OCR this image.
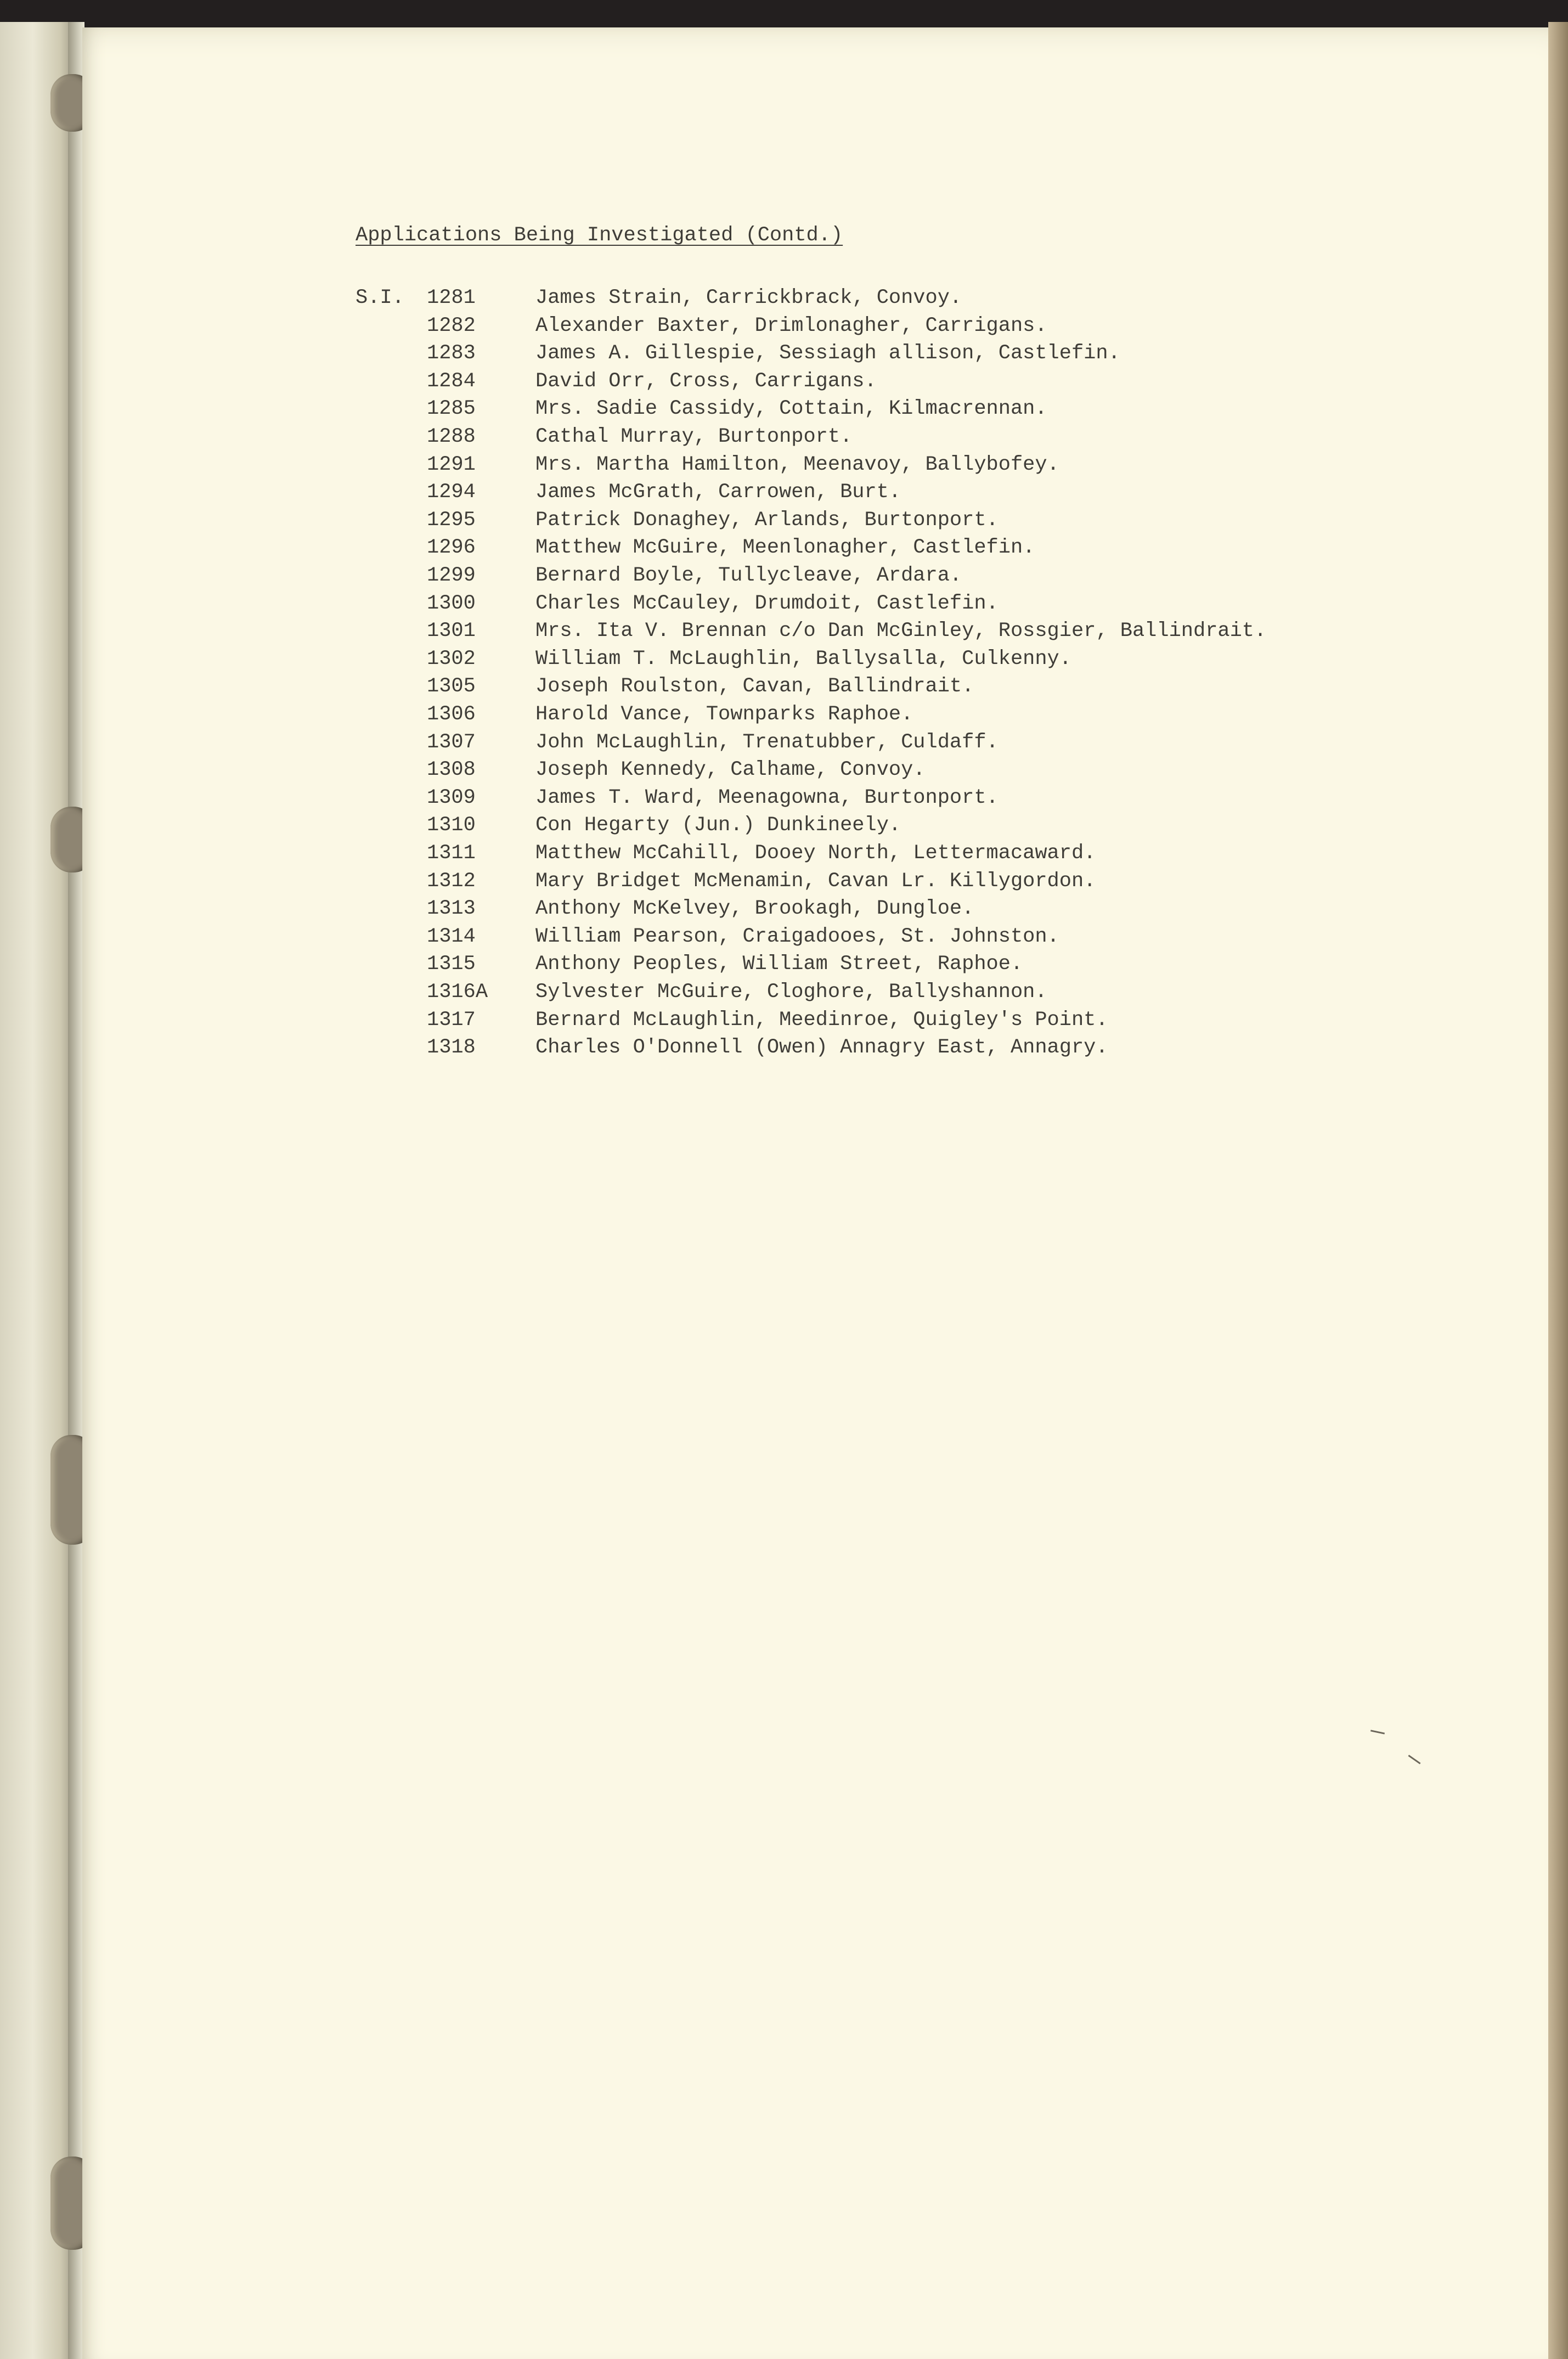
Applications Being Investigated (Contd.)
S.I. 1281	James Strain, Carrickbrack, Convoy.
1282	Alexander Baxter, Drimlonagher, Carrigans.
1283	James A. Gillespie, Sessiagh allison, Castlefin.
1284	David Orr, Cross, Carrigans.
1285	Mrs. Sadie Cassidy, Cottain, Kilmacrennan.
1288	Cathal Murray, Burtonport.
1291	Mrs. Martha Hamilton, Meenavoy, Ballybofey.
1294	James McGrath, Carrowen, Burt.
1295	Patrick Donaghey, Arlands, Burtonport.
1296	Matthew McGuire, Meenlonagher, Castlefin.
1299	Bernard Boyle, Tullycleave, Ardara.
1300	Charles McCauley, Drumdoit, Castlefin.
1301	Mrs. Ita V. Brennan c/o Dan McGinley, Rossgier, Ballindrait.
1302	William T. McLaughlin, Ballysalla, Culkenny.
1305	Joseph Roulston, Cavan, Ballindrait.
1306	Harold Vance, Townparks Raphoe.
1307	John McLaughlin, Trenatubber, Culdaff.
1308	Joseph Kennedy, Calhame, Convoy.
1309	James T. Ward, Meenagowna, Burtonport.
1310	Con Hegarty (Jun.) Dunkineely.
1311	Matthew McCahill, Dooey North, Lettermacaward.
1312	Mary Bridget McMenamin, Cavan Lr. Killygordon.
1313	Anthony McKelvey, Brookagh, Dungloe.
1314	William Pearson, Craigadooes, St. Johnston.
1315	Anthony Peoples, William Street, Raphoe.
1316A Sylvester McGuire, Cloghore, Ballyshannon.
1317	Bernard McLaughlin, Meedinroe, Quigley's Point.
1318	Charles O'Donnell (Owen) Annagry East, Annagry.
